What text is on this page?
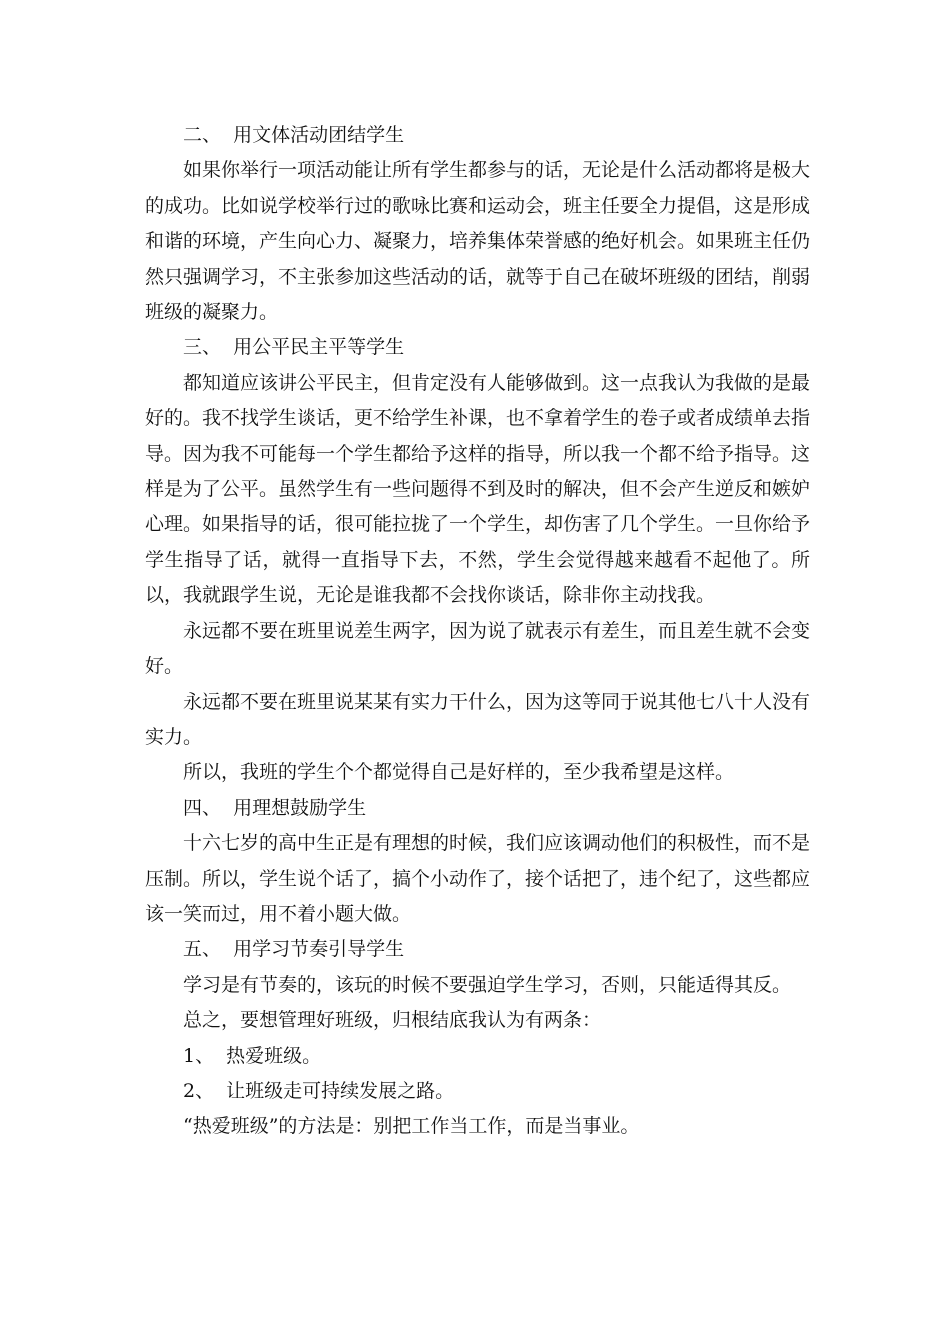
二、  用文体活动团结学生

如果你举行一项活动能让所有学生都参与的话，无论是什么活动都将是极大的成功。比如说学校举行过的歌咏比赛和运动会，班主任要全力提倡，这是形成和谐的环境，产生向心力、凝聚力，培养集体荣誉感的绝好机会。如果班主任仍然只强调学习，不主张参加这些活动的话，就等于自己在破坏班级的团结，削弱班级的凝聚力。

三、  用公平民主平等学生

都知道应该讲公平民主，但肯定没有人能够做到。这一点我认为我做的是最好的。我不找学生谈话，更不给学生补课，也不拿着学生的卷子或者成绩单去指导。因为我不可能每一个学生都给予这样的指导，所以我一个都不给予指导。这样是为了公平。虽然学生有一些问题得不到及时的解决，但不会产生逆反和嫉妒心理。如果指导的话，很可能拉拢了一个学生，却伤害了几个学生。一旦你给予学生指导了话，就得一直指导下去，不然，学生会觉得越来越看不起他了。所以，我就跟学生说，无论是谁我都不会找你谈话，除非你主动找我。

永远都不要在班里说差生两字，因为说了就表示有差生，而且差生就不会变好。

永远都不要在班里说某某有实力干什么，因为这等同于说其他七八十人没有实力。

所以，我班的学生个个都觉得自己是好样的，至少我希望是这样。

四、  用理想鼓励学生

十六七岁的高中生正是有理想的时候，我们应该调动他们的积极性，而不是压制。所以，学生说个话了，搞个小动作了，接个话把了，违个纪了，这些都应该一笑而过，用不着小题大做。

五、  用学习节奏引导学生

学习是有节奏的，该玩的时候不要强迫学生学习，否则，只能适得其反。

总之，要想管理好班级，归根结底我认为有两条：

1、  热爱班级。

2、  让班级走可持续发展之路。

“热爱班级”的方法是：别把工作当工作，而是当事业。
